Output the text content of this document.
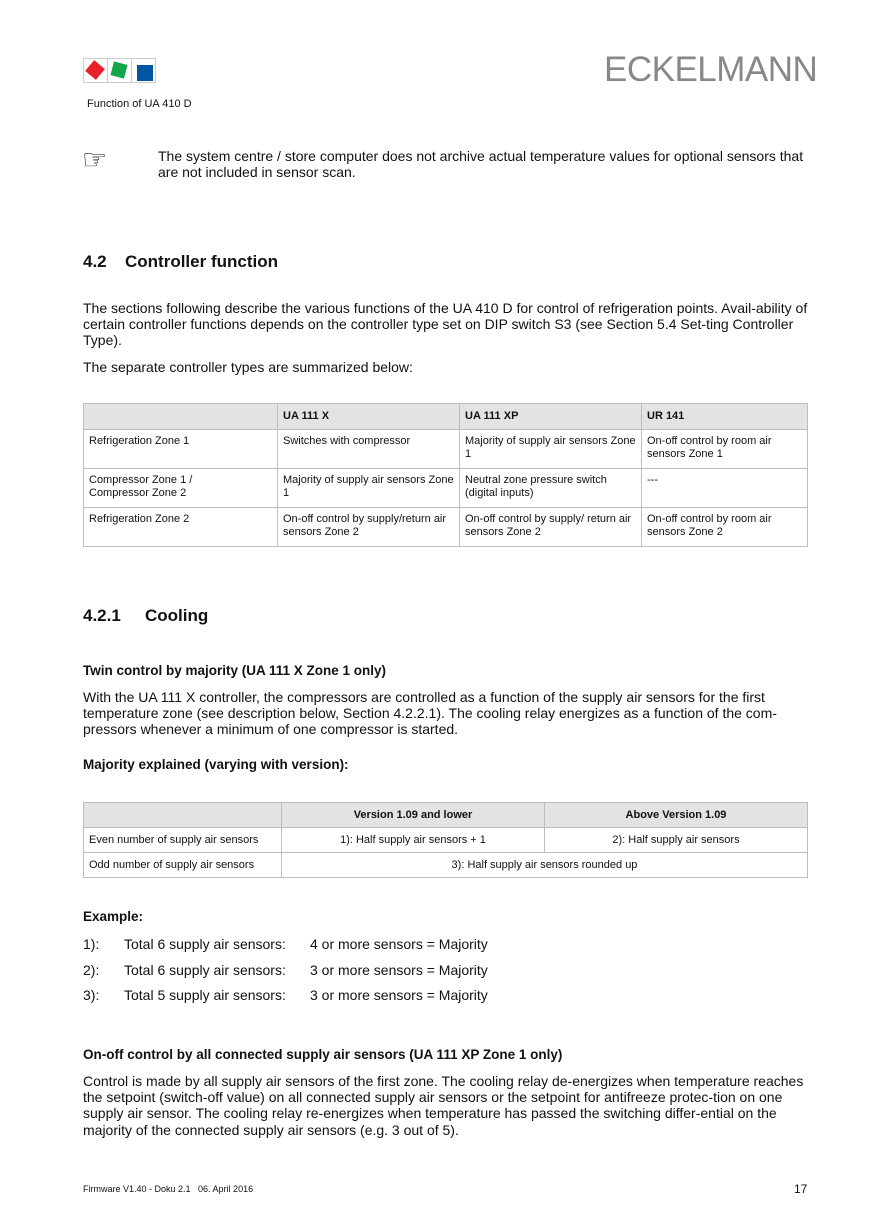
ECKELMANN
Function of UA 410 D
☞	The system centre / store computer does not archive actual temperature values for optional sensors that are not included in sensor scan.

4.2 Controller function

The sections following describe the various functions of the UA 410 D for control of refrigeration points. Avail-ability of certain controller functions depends on the controller type set on DIP switch S3 (see Section 5.4 Set-ting Controller Type).

The separate controller types are summarized below:

	UA 111 X	UA 111 XP	UR 141
Refrigeration Zone 1	Switches with compressor	Majority of supply air sensors Zone 1	On-off control by room air sensors Zone 1
Compressor Zone 1 / Compressor Zone 2	Majority of supply air sensors Zone 1	Neutral zone pressure switch (digital inputs)	---
Refrigeration Zone 2	On-off control by supply/return air sensors Zone 2	On-off control by supply/ return air sensors Zone 2	On-off control by room air sensors Zone 2
4.2.1 Cooling
Twin control by majority (UA 111 X Zone 1 only)

With the UA 111 X controller, the compressors are controlled as a function of the supply air sensors for the first temperature zone (see description below, Section 4.2.2.1). The cooling relay energizes as a function of the com-pressors whenever a minimum of one compressor is started.

Majority explained (varying with version):
	Version 1.09 and lower	Above Version 1.09
Even number of supply air sensors	1): Half supply air sensors + 1	2): Half supply air sensors
Odd number of supply air sensors	3): Half supply air sensors rounded up	
Example:
1): Total 6 supply air sensors: 4 or more sensors = Majority
2): Total 6 supply air sensors: 3 or more sensors = Majority
3): Total 5 supply air sensors: 3 or more sensors = Majority
On-off control by all connected supply air sensors (UA 111 XP Zone 1 only)

Control is made by all supply air sensors of the first zone. The cooling relay de-energizes when temperature reaches the setpoint (switch-off value) on all connected supply air sensors or the setpoint for antifreeze protec-tion on one supply air sensor. The cooling relay re-energizes when temperature has passed the switching differ-ential on the majority of the connected supply air sensors (e.g. 3 out of 5).

Firmware V1.40 - Doku 2.1   06. April 2016	17
